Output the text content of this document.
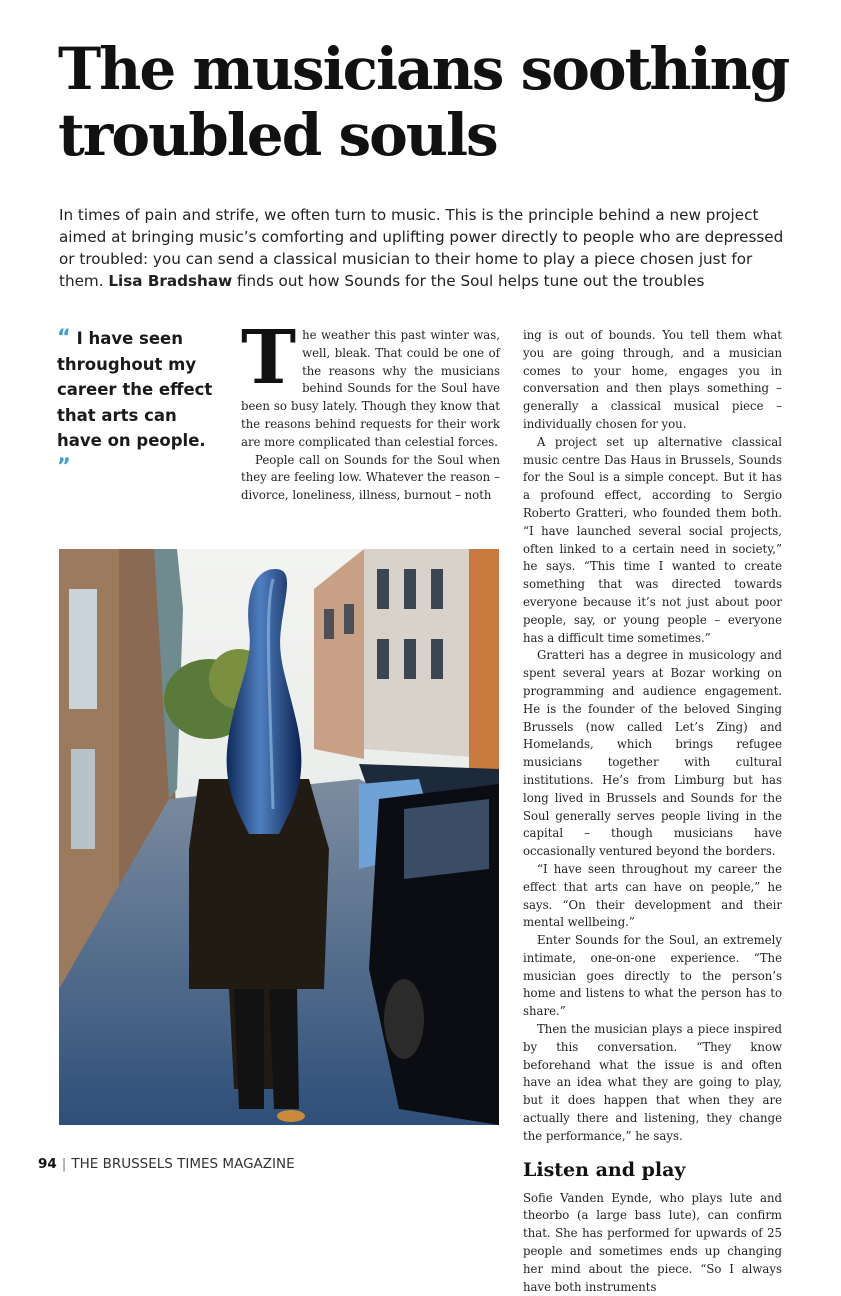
The musicians soothing troubled souls

In times of pain and strife, we often turn to music. This is the principle behind a new project aimed at bringing music’s comforting and uplifting power directly to people who are depressed or troubled: you can send a classical musician to their home to play a piece chosen just for them. Lisa Bradshaw finds out how Sounds for the Soul helps tune out the troubles

“ I have seen throughout my career the effect that arts can have on people. ”

The weather this past winter was, well, bleak. That could be one of the reasons why the musicians behind Sounds for the Soul have been so busy lately. Though they know that the reasons behind requests for their work are more complicated than celestial forces.

People call on Sounds for the Soul when they are feeling low. Whatever the reason – divorce, loneliness, illness, burnout – noth

ing is out of bounds. You tell them what you are going through, and a musician comes to your home, engages you in conversation and then plays something – generally a classical musical piece – individually chosen for you.

A project set up alternative classical music centre Das Haus in Brussels, Sounds for the Soul is a simple concept. But it has a profound effect, according to Sergio Roberto Gratteri, who founded them both. “I have launched several social projects, often linked to a certain need in society,” he says. “This time I wanted to create something that was directed towards everyone because it’s not just about poor people, say, or young people – everyone has a difficult time sometimes.”

Gratteri has a degree in musicology and spent several years at Bozar working on programming and audience engagement. He is the founder of the beloved Singing Brussels (now called Let’s Zing) and Homelands, which brings refugee musicians together with cultural institutions. He’s from Limburg but has long lived in Brussels and Sounds for the Soul generally serves people living in the capital – though musicians have occasionally ventured beyond the borders.

“I have seen throughout my career the effect that arts can have on people,” he says. “On their development and their mental wellbeing.”

Enter Sounds for the Soul, an extremely intimate, one-on-one experience. “The musician goes directly to the person’s home and listens to what the person has to share.”

Then the musician plays a piece inspired by this conversation. “They know beforehand what the issue is and often have an idea what they are going to play, but it does happen that when they are actually there and listening, they change the performance,” he says.

Listen and play

Sofie Vanden Eynde, who plays lute and theorbo (a large bass lute), can confirm that. She has performed for upwards of 25 people and sometimes ends up changing her mind about the piece. “So I always have both instruments

94 | THE BRUSSELS TIMES MAGAZINE
